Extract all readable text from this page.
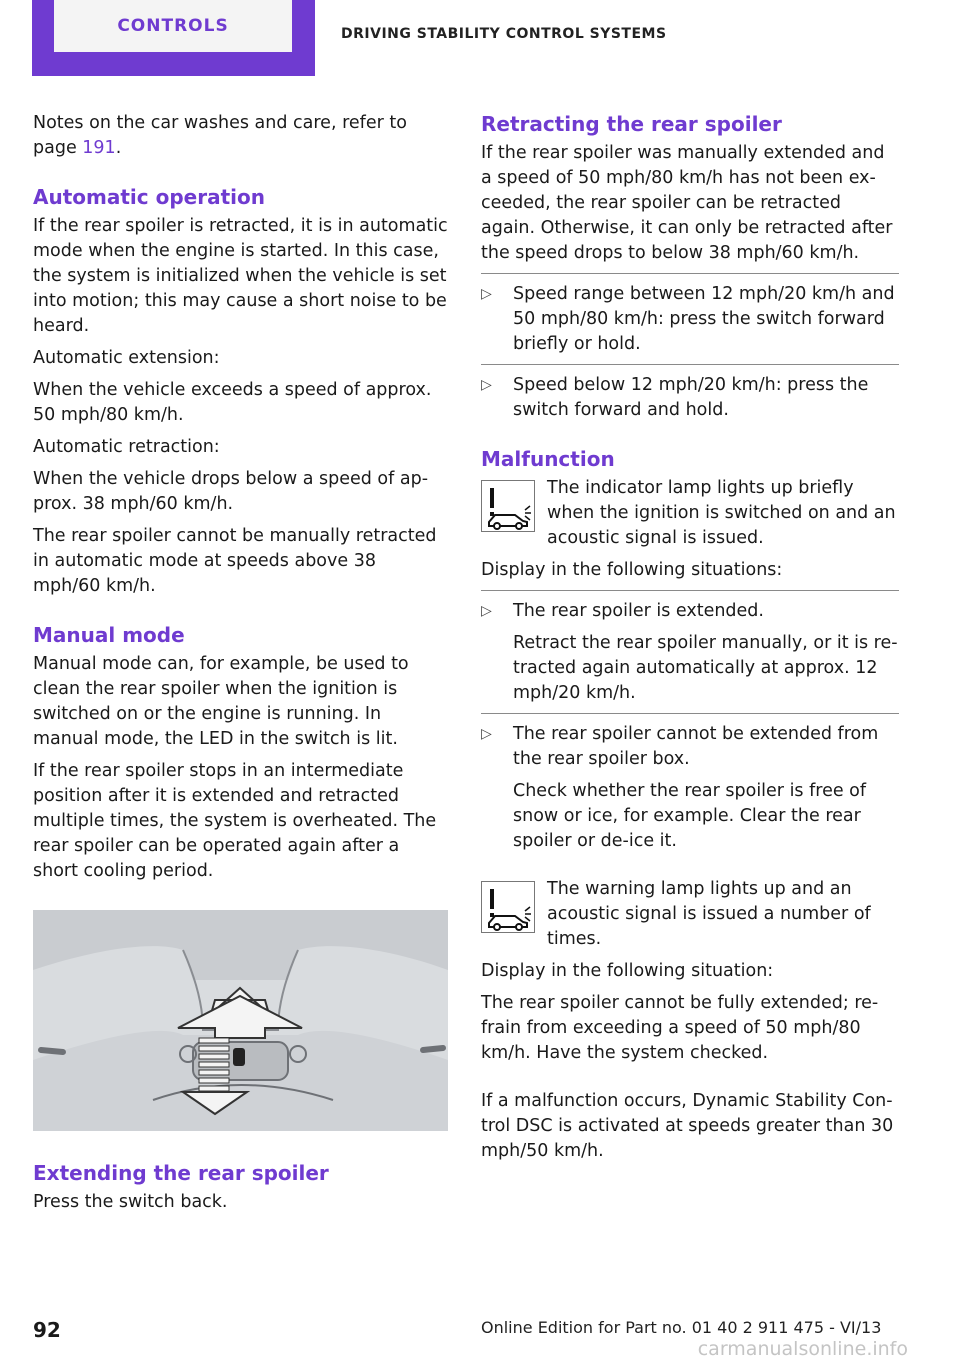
CONTROLS	DRIVING STABILITY CONTROL SYSTEMS
Notes on the car washes and care, refer to page 191.
Automatic operation
If the rear spoiler is retracted, it is in automatic mode when the engine is started. In this case, the system is initialized when the vehicle is set into motion; this may cause a short noise to be heard.
Automatic extension:
When the vehicle exceeds a speed of approx. 50 mph/80 km/h.
Automatic retraction:
When the vehicle drops below a speed of approx. 38 mph/60 km/h.
The rear spoiler cannot be manually retracted in automatic mode at speeds above 38 mph/60 km/h.
Manual mode
Manual mode can, for example, be used to clean the rear spoiler when the ignition is switched on or the engine is running. In manual mode, the LED in the switch is lit.
If the rear spoiler stops in an intermediate position after it is extended and retracted multiple times, the system is overheated. The rear spoiler can be operated again after a short cooling period.
Extending the rear spoiler
Press the switch back.
Retracting the rear spoiler
If the rear spoiler was manually extended and a speed of 50 mph/80 km/h has not been exceeded, the rear spoiler can be retracted again. Otherwise, it can only be retracted after the speed drops to below 38 mph/60 km/h.
▷	Speed range between 12 mph/20 km/h and 50 mph/80 km/h: press the switch forward briefly or hold.
▷	Speed below 12 mph/20 km/h: press the switch forward and hold.
Malfunction
The indicator lamp lights up briefly when the ignition is switched on and an acoustic signal is issued.
Display in the following situations:
▷	The rear spoiler is extended.
Retract the rear spoiler manually, or it is retracted again automatically at approx. 12 mph/20 km/h.
▷	The rear spoiler cannot be extended from the rear spoiler box.
Check whether the rear spoiler is free of snow or ice, for example. Clear the rear spoiler or de-ice it.
The warning lamp lights up and an acoustic signal is issued a number of times.
Display in the following situation:
The rear spoiler cannot be fully extended; refrain from exceeding a speed of 50 mph/80 km/h. Have the system checked.
If a malfunction occurs, Dynamic Stability Control DSC is activated at speeds greater than 30 mph/50 km/h.
92	Online Edition for Part no. 01 40 2 911 475 - VI/13
carmanualsonline.info
